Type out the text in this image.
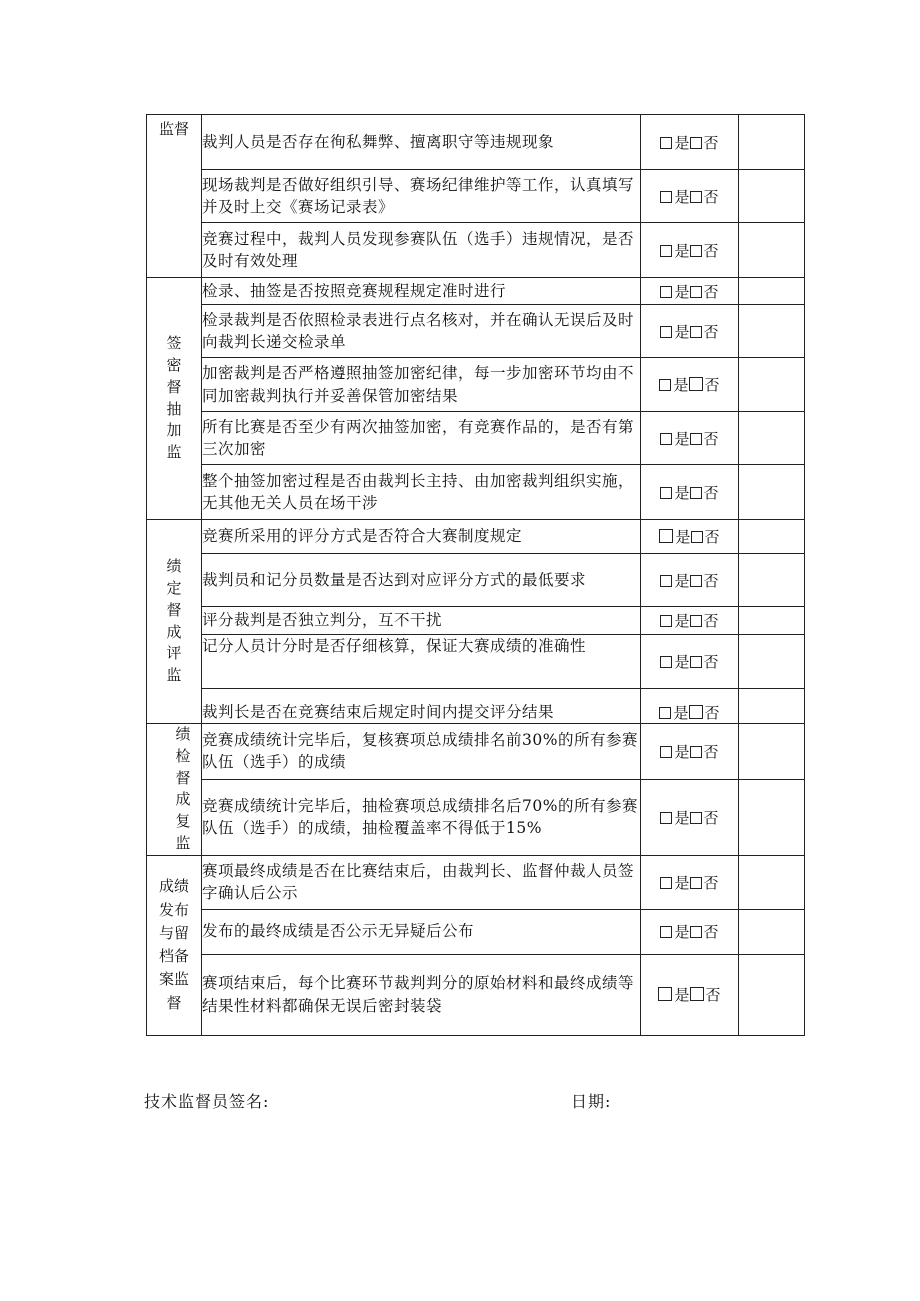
监督	裁判人员是否存在徇私舞弊、擅离职守等违规现象	是 否	
	现场裁判是否做好组织引导、赛场纪律维护等工作，认真填写并及时上交《赛场记录表》	是 否	
	竞赛过程中，裁判人员发现参赛队伍（选手）违规情况，是否及时有效处理	是 否	
签密督抽加监	检录、抽签是否按照竞赛规程规定准时进行	是 否	
	检录裁判是否依照检录表进行点名核对，并在确认无误后及时向裁判长递交检录单	是 否	
	加密裁判是否严格遵照抽签加密纪律，每一步加密环节均由不同加密裁判执行并妥善保管加密结果	是 否	
	所有比赛是否至少有两次抽签加密，有竞赛作品的，是否有第三次加密	是 否	
	整个抽签加密过程是否由裁判长主持、由加密裁判组织实施，无其他无关人员在场干涉	是 否	
绩定督成评监	竞赛所采用的评分方式是否符合大赛制度规定	是 否	
	裁判员和记分员数量是否达到对应评分方式的最低要求	是 否	
	评分裁判是否独立判分，互不干扰	是 否	
	记分人员计分时是否仔细核算，保证大赛成绩的准确性	是 否	
	裁判长是否在竞赛结束后规定时间内提交评分结果	是 否	
绩检督成复监	竞赛成绩统计完毕后，复核赛项总成绩排名前30%的所有参赛队伍（选手）的成绩	是 否	
	竞赛成绩统计完毕后，抽检赛项总成绩排名后70%的所有参赛队伍（选手）的成绩，抽检覆盖率不得低于15%	是 否	
成绩发布与留档备案监督	赛项最终成绩是否在比赛结束后，由裁判长、监督仲裁人员签字确认后公示	是 否	
	发布的最终成绩是否公示无异疑后公布	是 否	
	赛项结束后，每个比赛环节裁判判分的原始材料和最终成绩等结果性材料都确保无误后密封装袋	是 否	
技术监督员签名:	日期:
